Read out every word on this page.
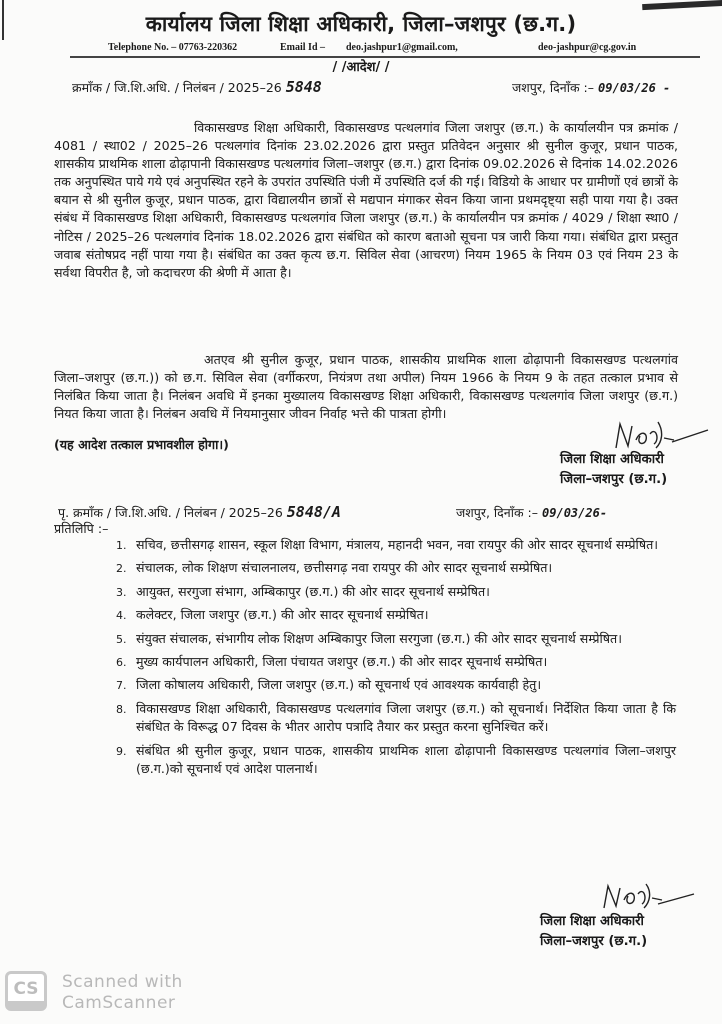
कार्यालय जिला शिक्षा अधिकारी, जिला–जशपुर (छ.ग.)
Telephone No. – 07763-220362	Email Id – deo.jashpur1@gmail.com,	deo-jashpur@cg.gov.in
/ /आदेश/ /
क्रमॉंक / जि.शि.अधि. / निलंबन / 2025–26 5848	जशपुर, दिनॉंक :– 09/03/26 -
विकासखण्ड शिक्षा अधिकारी, विकासखण्ड पत्थलगांव जिला जशपुर (छ.ग.) के कार्यालयीन पत्र क्रमांक / 4081 / स्था02 / 2025–26 पत्थलगांव दिनांक 23.02.2026 द्वारा प्रस्तुत प्रतिवेदन अनुसार श्री सुनील कुजूर, प्रधान पाठक, शासकीय प्राथमिक शाला ढोढ़ापानी विकासखण्ड पत्थलगांव जिला–जशपुर (छ.ग.) द्वारा दिनांक 09.02.2026 से दिनांक 14.02.2026 तक अनुपस्थित पाये गये एवं अनुपस्थित रहने के उपरांत उपस्थिति पंजी में उपस्थिति दर्ज की गई। विडियो के आधार पर ग्रामीणों एवं छात्रों के बयान से श्री सुनील कुजूर, प्रधान पाठक, द्वारा विद्यालयीन छात्रों से मद्यपान मंगाकर सेवन किया जाना प्रथमदृष्ट्या सही पाया गया है। उक्त संबंध में विकासखण्ड शिक्षा अधिकारी, विकासखण्ड पत्थलगांव जिला जशपुर (छ.ग.) के कार्यालयीन पत्र क्रमांक / 4029 / शिक्षा स्था0 / नोटिस / 2025–26 पत्थलगांव दिनांक 18.02.2026 द्वारा संबंधित को कारण बताओ सूचना पत्र जारी किया गया। संबंधित द्वारा प्रस्तुत जवाब संतोषप्रद नहीं पाया गया है। संबंधित का उक्त कृत्य छ.ग. सिविल सेवा (आचरण) नियम 1965 के नियम 03 एवं नियम 23 के सर्वथा विपरीत है, जो कदाचरण की श्रेणी में आता है।
अतएव श्री सुनील कुजूर, प्रधान पाठक, शासकीय प्राथमिक शाला ढोढ़ापानी विकासखण्ड पत्थलगांव जिला–जशपुर (छ.ग.)) को छ.ग. सिविल सेवा (वर्गीकरण, नियंत्रण तथा अपील) नियम 1966 के नियम 9 के तहत तत्काल प्रभाव से निलंबित किया जाता है। निलंबन अवधि में इनका मुख्यालय विकासखण्ड शिक्षा अधिकारी, विकासखण्ड पत्थलगांव जिला जशपुर (छ.ग.) नियत किया जाता है। निलंबन अवधि में नियमानुसार जीवन निर्वाह भत्ते की पात्रता होगी।
(यह आदेश तत्काल प्रभावशील होगा।)
जिला शिक्षा अधिकारी
जिला–जशपुर (छ.ग.)
पृ. क्रमॉंक / जि.शि.अधि. / निलंबन / 2025–26 5848/A	जशपुर, दिनॉंक :– 09/03/26-
प्रतिलिपि :–
1. सचिव, छत्तीसगढ़ शासन, स्कूल शिक्षा विभाग, मंत्रालय, महानदी भवन, नवा रायपुर की ओर सादर सूचनार्थ सम्प्रेषित।
2. संचालक, लोक शिक्षण संचालनालय, छत्तीसगढ़ नवा रायपुर की ओर सादर सूचनार्थ सम्प्रेषित।
3. आयुक्त, सरगुजा संभाग, अम्बिकापुर (छ.ग.) की ओर सादर सूचनार्थ सम्प्रेषित।
4. कलेक्टर, जिला जशपुर (छ.ग.) की ओर सादर सूचनार्थ सम्प्रेषित।
5. संयुक्त संचालक, संभागीय लोक शिक्षण अम्बिकापुर जिला सरगुजा (छ.ग.) की ओर सादर सूचनार्थ सम्प्रेषित।
6. मुख्य कार्यपालन अधिकारी, जिला पंचायत जशपुर (छ.ग.) की ओर सादर सूचनार्थ सम्प्रेषित।
7. जिला कोषालय अधिकारी, जिला जशपुर (छ.ग.) को सूचनार्थ एवं आवश्यक कार्यवाही हेतु।
8. विकासखण्ड शिक्षा अधिकारी, विकासखण्ड पत्थलगांव जिला जशपुर (छ.ग.) को सूचनार्थ। निर्देशित किया जाता है कि संबंधित के विरूद्ध 07 दिवस के भीतर आरोप पत्रादि तैयार कर प्रस्तुत करना सुनिश्चित करें।
9. संबंधित श्री सुनील कुजूर, प्रधान पाठक, शासकीय प्राथमिक शाला ढोढ़ापानी विकासखण्ड पत्थलगांव जिला–जशपुर (छ.ग.)को सूचनार्थ एवं आदेश पालनार्थ।
जिला शिक्षा अधिकारी
जिला–जशपुर (छ.ग.)
CS	Scanned with
CamScanner
